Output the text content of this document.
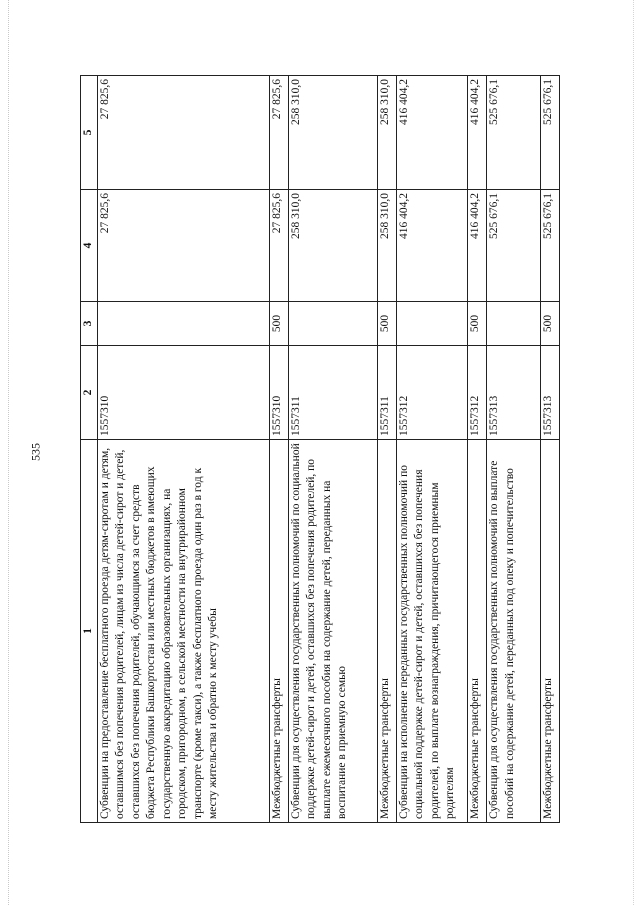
535
1	2	3	4	5
Субвенции на предоставление бесплатного проезда детям-сиротам и детям, оставшимся без попечения родителей, лицам из числа детей-сирот и детей, оставшихся без попечения родителей, обучающимся за счет средств бюджета Республики Башкортостан или местных бюджетов в имеющих государственную аккредитацию образовательных организациях, на городском, пригородном, в сельской местности на внутрирайонном транспорте (кроме такси), а также бесплатного проезда один раз в год к месту жительства и обратно к месту учебы	1557310		27 825,6	27 825,6
Межбюджетные трансферты	1557310	500	27 825,6	27 825,6
Субвенции для осуществления государственных полномочий по социальной поддержке детей-сирот и детей, оставшихся без попечения родителей, по выплате ежемесячного пособия на содержание детей, переданных на воспитание в приемную семью	1557311		258 310,0	258 310,0
Межбюджетные трансферты	1557311	500	258 310,0	258 310,0
Субвенции на исполнение переданных государственных полномочий по социальной поддержке детей-сирот и детей, оставшихся без попечения родителей, по выплате вознаграждения, причитающегося приемным родителям	1557312		416 404,2	416 404,2
Межбюджетные трансферты	1557312	500	416 404,2	416 404,2
Субвенции для осуществления государственных полномочий по выплате пособий на содержание детей, переданных под опеку и попечительство	1557313		525 676,1	525 676,1
Межбюджетные трансферты	1557313	500	525 676,1	525 676,1
